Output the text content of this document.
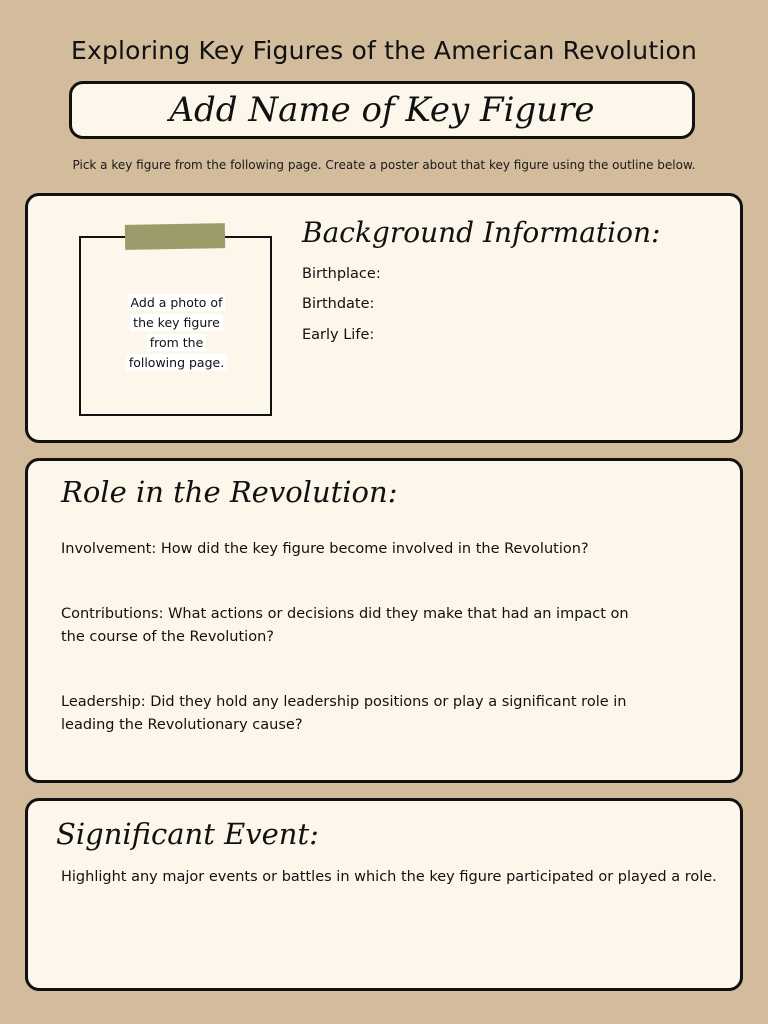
Exploring Key Figures of the American Revolution
Add Name of Key Figure
Pick a key figure from the following page. Create a poster about that key figure using the outline below.
Add a photo of
the key figure
from the
following page.
Background Information:
Birthplace:
Birthdate:
Early Life:
Role in the Revolution:
Involvement: How did the key figure become involved in the Revolution?
Contributions: What actions or decisions did they make that had an impact on
the course of the Revolution?
Leadership: Did they hold any leadership positions or play a significant role in
leading the Revolutionary cause?
Significant Event:
Highlight any major events or battles in which the key figure participated or played a role.
